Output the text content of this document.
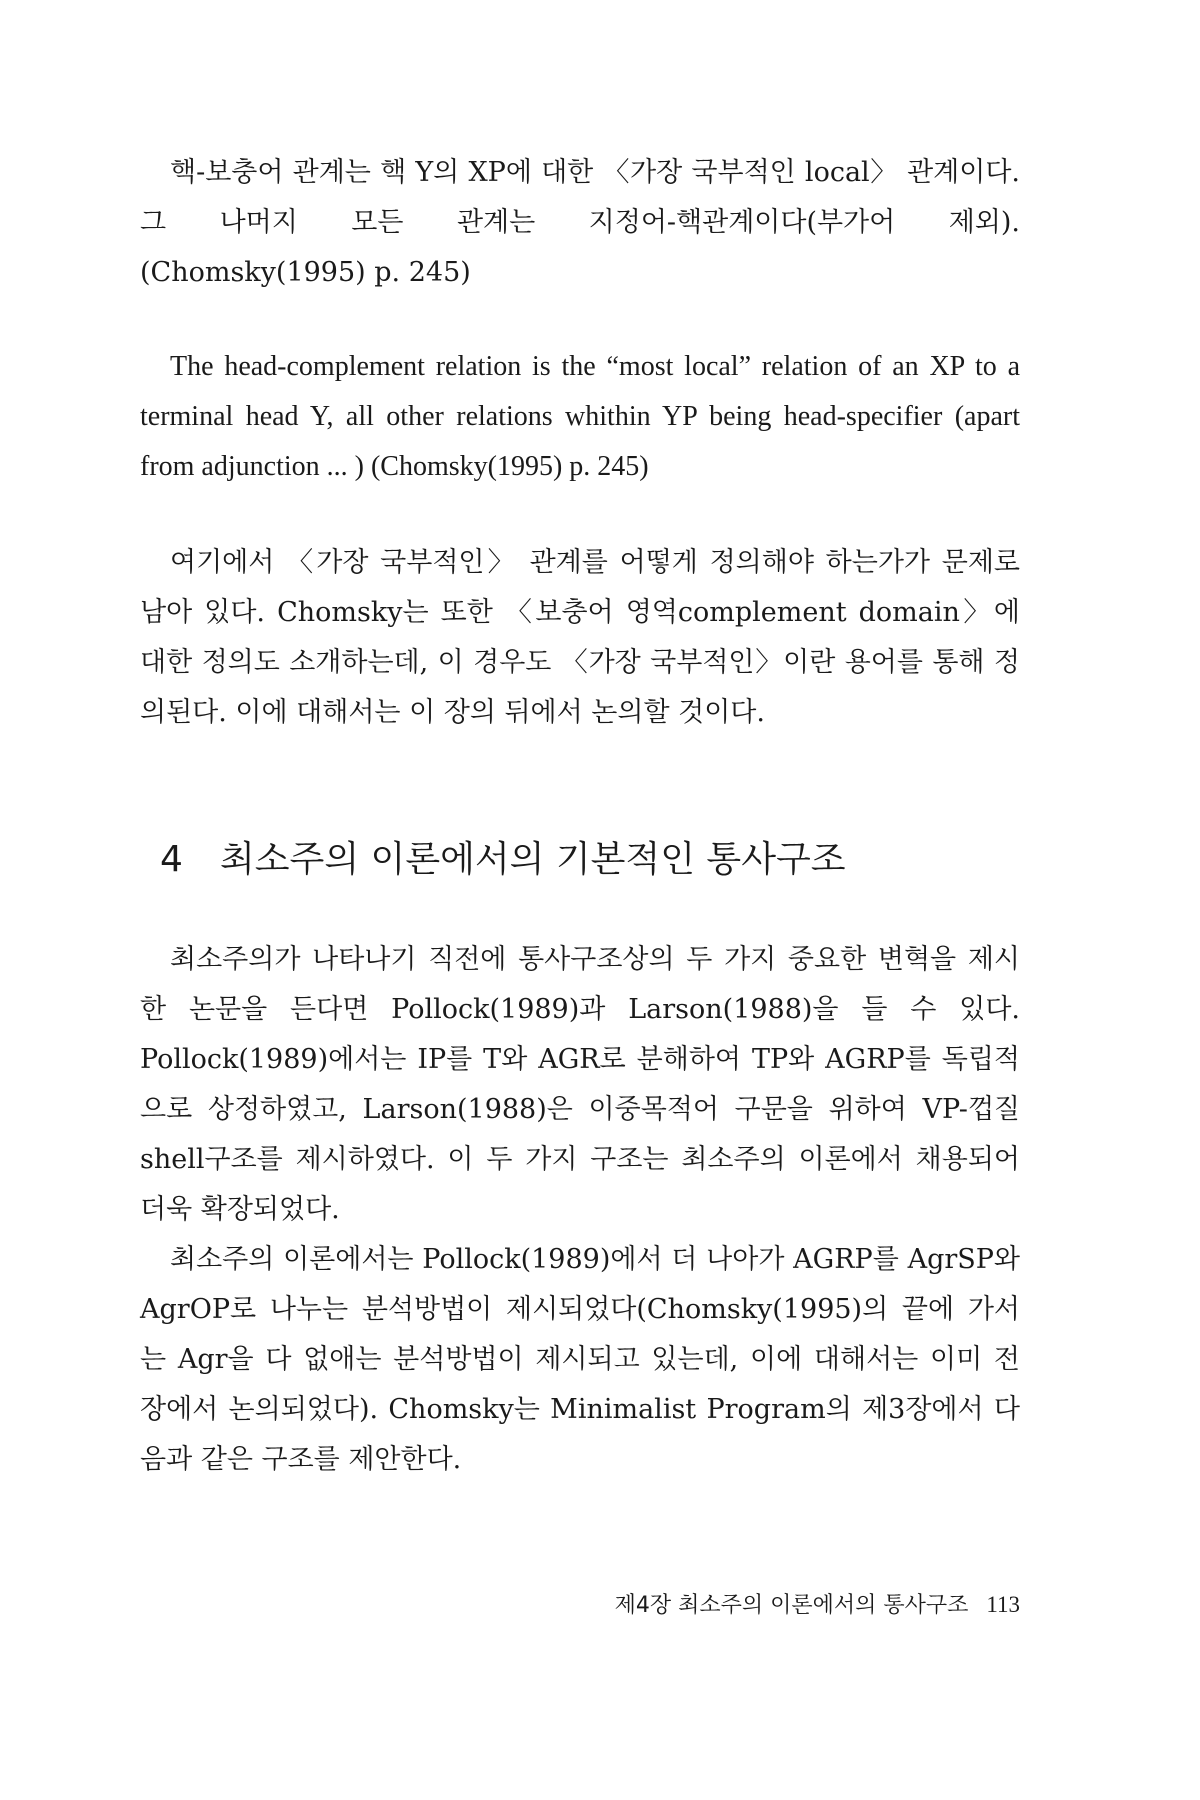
핵-보충어 관계는 핵 Y의 XP에 대한 〈가장 국부적인 local〉 관계이다. 그 나머지 모든 관계는 지정어-핵관계이다(부가어 제외). (Chomsky(1995) p. 245)

The head-complement relation is the “most local” relation of an XP to a terminal head Y, all other relations whithin YP being head-specifier (apart from adjunction ... ) (Chomsky(1995) p. 245)

여기에서 〈가장 국부적인〉 관계를 어떻게 정의해야 하는가가 문제로 남아 있다. Chomsky는 또한 〈보충어 영역complement domain〉에 대한 정의도 소개하는데, 이 경우도 〈가장 국부적인〉이란 용어를 통해 정의된다. 이에 대해서는 이 장의 뒤에서 논의할 것이다.

4 최소주의 이론에서의 기본적인 통사구조

최소주의가 나타나기 직전에 통사구조상의 두 가지 중요한 변혁을 제시한 논문을 든다면 Pollock(1989)과 Larson(1988)을 들 수 있다. Pollock(1989)에서는 IP를 T와 AGR로 분해하여 TP와 AGRP를 독립적으로 상정하였고, Larson(1988)은 이중목적어 구문을 위하여 VP-껍질 shell구조를 제시하였다. 이 두 가지 구조는 최소주의 이론에서 채용되어 더욱 확장되었다.

최소주의 이론에서는 Pollock(1989)에서 더 나아가 AGRP를 AgrSP와 AgrOP로 나누는 분석방법이 제시되었다(Chomsky(1995)의 끝에 가서는 Agr을 다 없애는 분석방법이 제시되고 있는데, 이에 대해서는 이미 전 장에서 논의되었다). Chomsky는 Minimalist Program의 제3장에서 다음과 같은 구조를 제안한다.

제4장 최소주의 이론에서의 통사구조 113
